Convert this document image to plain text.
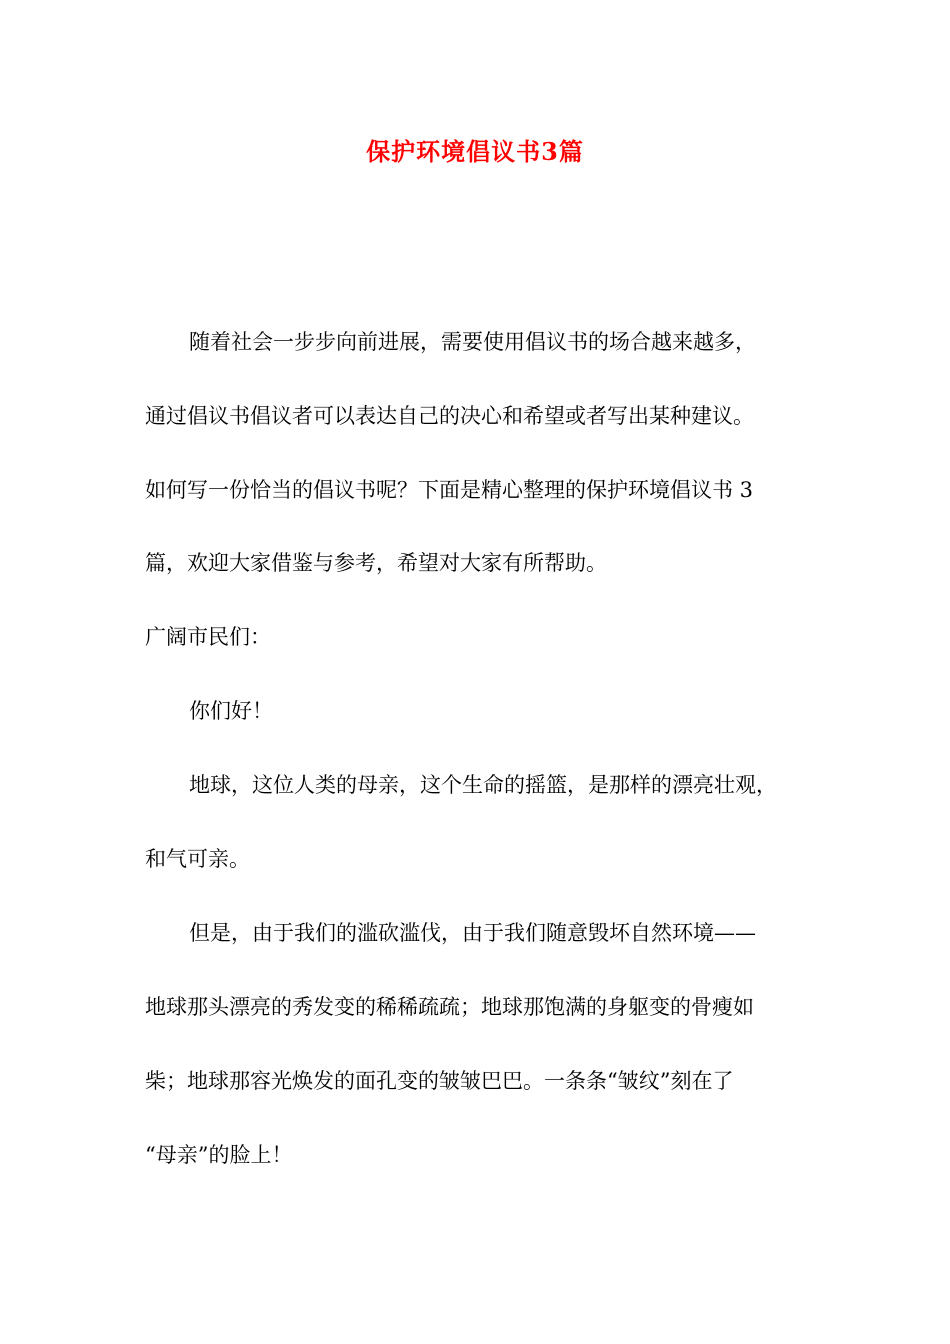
保护环境倡议书3篇
随着社会一步步向前进展，需要使用倡议书的场合越来越多，
通过倡议书倡议者可以表达自己的决心和希望或者写出某种建议。
如何写一份恰当的倡议书呢？下面是精心整理的保护环境倡议书 3
篇，欢迎大家借鉴与参考，希望对大家有所帮助。
广阔市民们：
你们好！
地球，这位人类的母亲，这个生命的摇篮，是那样的漂亮壮观，
和气可亲。
但是，由于我们的滥砍滥伐，由于我们随意毁坏自然环境——
地球那头漂亮的秀发变的稀稀疏疏；地球那饱满的身躯变的骨瘦如
柴；地球那容光焕发的面孔变的皱皱巴巴。一条条“皱纹”刻在了
“母亲”的脸上！
